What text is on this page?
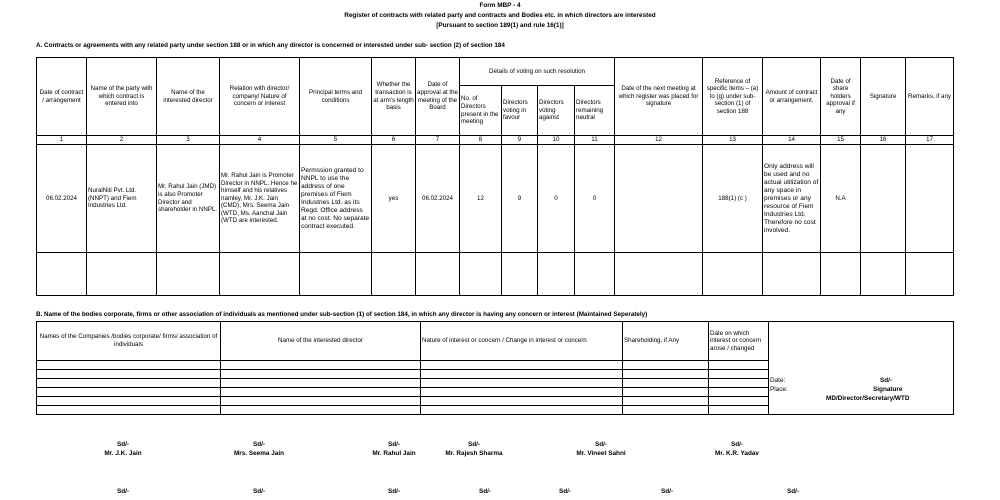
Form MBP - 4
Register of contracts with related party and contracts and Bodies etc. in which directors are interested
[Pursuant to section 189(1) and rule 16(1)]
A. Contracts or agreements with any related party under section 188 or in which any director is concerned or interested under sub- section (2) of section 184
Date of contract / arrangement	Name of the party with which contract is entered into	Name of the interested director	Relation with director/ company/ Nature of concern or interest	Principal terms and conditions	Whether the transaction is at arm's length basis	Date of approval at the meeting of the Board	Details of voting on such resolution				Date of the next meeting at which register was placed for signature	Reference of specific items – (a) to (g) under sub-section (1) of section 188	Amount of contract or arrangement.	Date of share holders approval if any	Signature	Remarks, if any
							No. of Directors present in the meeting	Directors voting in favour	Directors voting against	Directors remaining neutral						
1	2	3	4	5	6	7	8	9	10	11	12	13	14	15	16	17
06.02.2024	NuralNiti Pvt. Ltd. (NNPT) and Fiem Industries Ltd.	Mr. Rahul Jain (JMD) is also Promoter Director and shareholder in NNPL.	Mr. Rahul Jain is Promoter Director in NNPL. Hence he himself and his relatives namley, Mr. J.K. Jain (CMD), Mrs. Seema Jain (WTD, Ms. Aanchal Jain (WTD are interested.	Permssion granted to NNPL to use the address of one premises of Fiem Industries Ltd. as its Regd. Office address at no cost. No separate contract executed.	yes	06.02.2024	12	9	0	0		188(1) (c )	Only address will be used and no actual utilization of any space in premises or any resource of Fiem Industries Ltd. Therefore no cost involved.	N.A		

B. Name of the bodies corporate, firms or other association of individuals as mentioned under sub-section (1) of section 184, in which any director is having any concern or interest (Maintained Seperately)
Names of the Companies /bodies corporate/ firms/ association of individuals	Name of the interested director	Nature of interest or concern / Change in interest or concern	Shareholding, if Any	Date on which interest or concern arose / changed	Date: Sd/-
Place: Signature
MD/Director/Secretary/WTD

Sd/-
Mr. J.K. Jain
Sd/-
Mrs. Seema Jain
Sd/-
Mr. Rahul Jain
Sd/-
Mr. Rajesh Sharma
Sd/-
Mr. Vineet Sahni
Sd/-
Mr. K.R. Yadav
Sd/-	Sd/-	Sd/-	Sd/-	Sd/-	Sd/-	Sd/-
